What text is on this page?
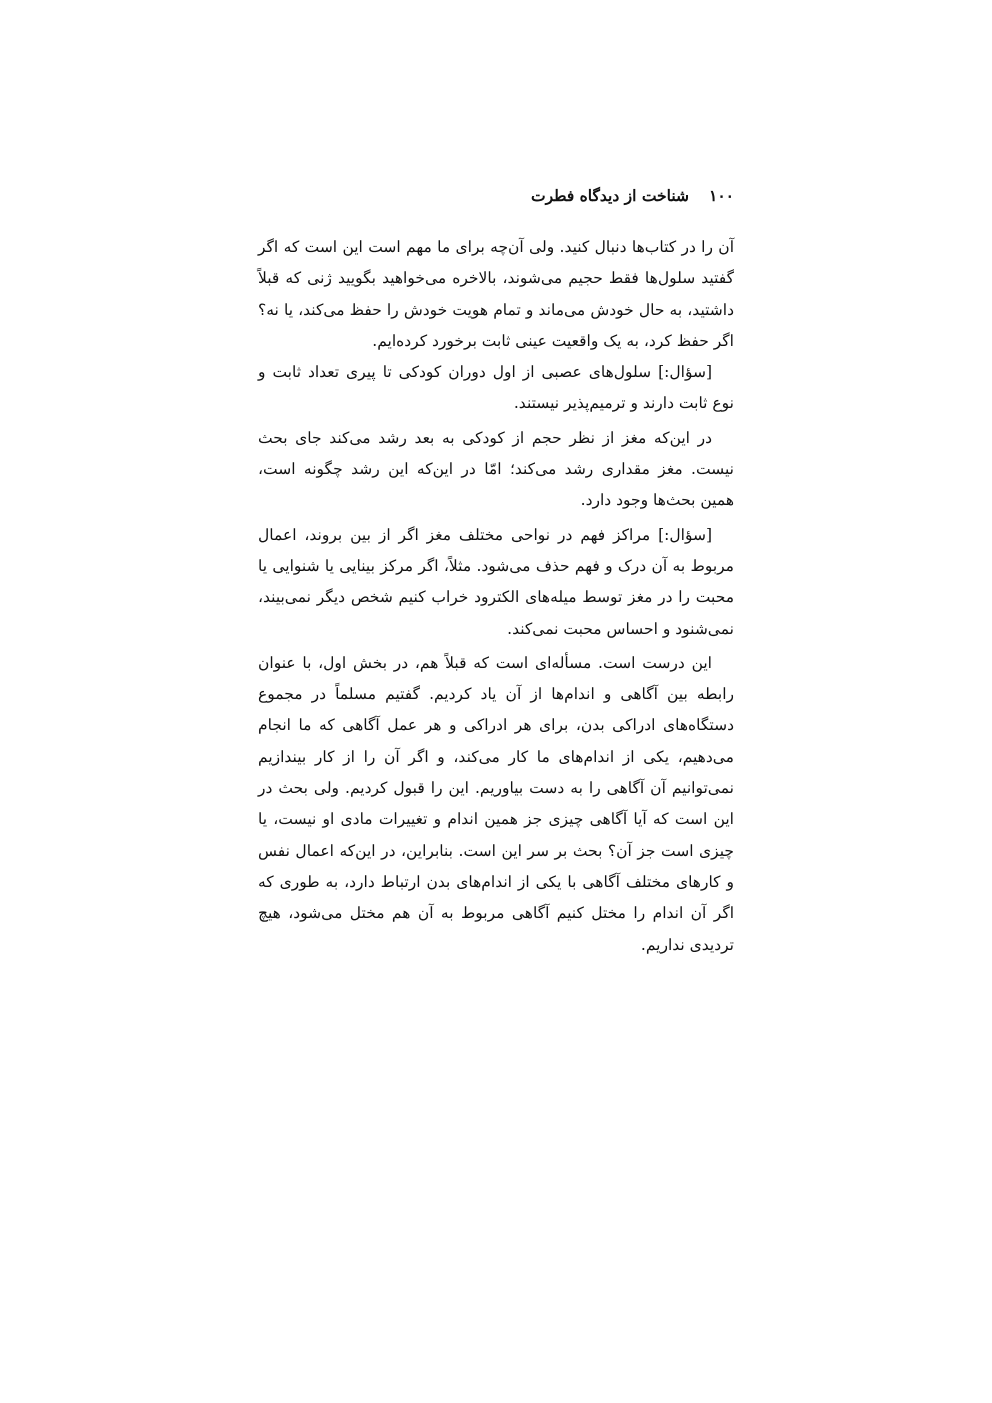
۱۰۰
شناخت از دیدگاه فطرت

آن را در کتاب‌ها دنبال کنید. ولی آن‌چه برای ما مهم است این است که اگر گفتید سلول‌ها فقط حجیم می‌شوند، بالاخره می‌خواهید بگویید ژنی که قبلاً داشتید، به حال خودش می‌ماند و تمام هویت خودش را حفظ می‌کند، یا نه؟ اگر حفظ کرد، به یک واقعیت عینی ثابت برخورد کرده‌ایم.

[سؤال:] سلول‌های عصبی از اول دوران کودکی تا پیری تعداد ثابت و نوع ثابت دارند و ترمیم‌پذیر نیستند.

در این‌که مغز از نظر حجم از کودکی به بعد رشد می‌کند جای بحث نیست. مغز مقداری رشد می‌کند؛ امّا در این‌که این رشد چگونه است، همین بحث‌ها وجود دارد.

[سؤال:] مراکز فهم در نواحی مختلف مغز اگر از بین بروند، اعمال مربوط به آن درک و فهم حذف می‌شود. مثلاً، اگر مرکز بینایی یا شنوایی یا محبت را در مغز توسط میله‌های الکترود خراب کنیم شخص دیگر نمی‌بیند، نمی‌شنود و احساس محبت نمی‌کند.

این درست است. مسأله‌ای است که قبلاً هم، در بخش اول، با عنوان رابطه بین آگاهی و اندام‌ها از آن یاد کردیم. گفتیم مسلماً در مجموع دستگاه‌های ادراکی بدن، برای هر ادراکی و هر عمل آگاهی که ما انجام می‌دهیم، یکی از اندام‌های ما کار می‌کند، و اگر آن را از کار بیندازیم نمی‌توانیم آن آگاهی را به دست بیاوریم. این را قبول کردیم. ولی بحث در این است که آیا آگاهی چیزی جز همین اندام و تغییرات مادی او نیست، یا چیزی است جز آن؟ بحث بر سر این است. بنابراین، در این‌که اعمال نفس و کارهای مختلف آگاهی با یکی از اندام‌های بدن ارتباط دارد، به طوری که اگر آن اندام را مختل کنیم آگاهی مربوط به آن هم مختل می‌شود، هیچ تردیدی نداریم.
